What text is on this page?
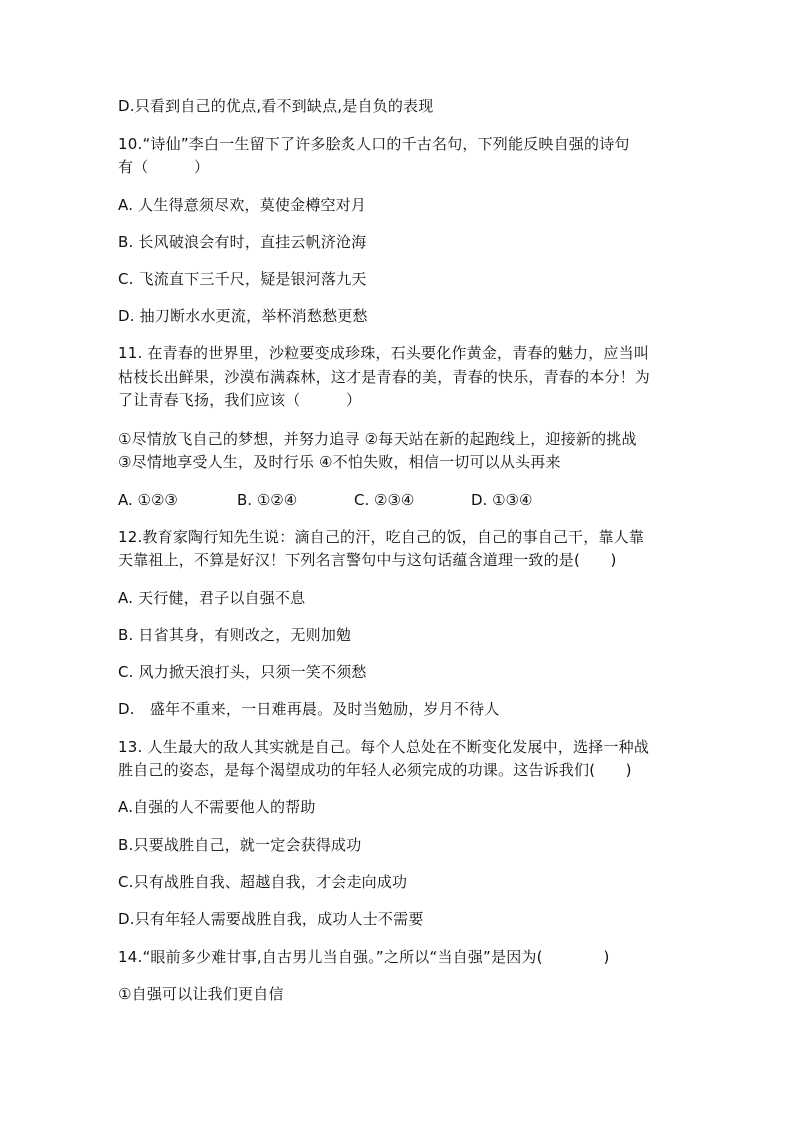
D.只看到自己的优点,看不到缺点,是自负的表现
10.“诗仙”李白一生留下了许多脍炙人口的千古名句，下列能反映自强的诗句
有（　　　）
A. 人生得意须尽欢，莫使金樽空对月
B. 长风破浪会有时，直挂云帆济沧海
C. 飞流直下三千尺，疑是银河落九天
D. 抽刀断水水更流，举杯消愁愁更愁
11. 在青春的世界里，沙粒要变成珍珠，石头要化作黄金，青春的魅力，应当叫
枯枝长出鲜果，沙漠布满森林，这才是青春的美，青春的快乐，青春的本分！为
了让青春飞扬，我们应该（　　　）
①尽情放飞自己的梦想，并努力追寻 ②每天站在新的起跑线上，迎接新的挑战
③尽情地享受人生，及时行乐 ④不怕失败，相信一切可以从头再来
A. ①②③	B. ①②④	C. ②③④	D. ①③④
12.教育家陶行知先生说：滴自己的汗，吃自己的饭，自己的事自己干，靠人靠
天靠祖上，不算是好汉！下列名言警句中与这句话蕴含道理一致的是(　　)
A. 天行健，君子以自强不息
B. 日省其身，有则改之，无则加勉
C. 风力掀天浪打头，只须一笑不须愁
D.　盛年不重来，一日难再晨。及时当勉励，岁月不待人
13. 人生最大的敌人其实就是自己。每个人总处在不断变化发展中，选择一种战
胜自己的姿态，是每个渴望成功的年轻人必须完成的功课。这告诉我们(　　)
A.自强的人不需要他人的帮助
B.只要战胜自己，就一定会获得成功
C.只有战胜自我、超越自我，才会走向成功
D.只有年轻人需要战胜自我，成功人士不需要
14.“眼前多少难甘事,自古男儿当自强。”之所以“当自强”是因为(　　　　)
①自强可以让我们更自信
